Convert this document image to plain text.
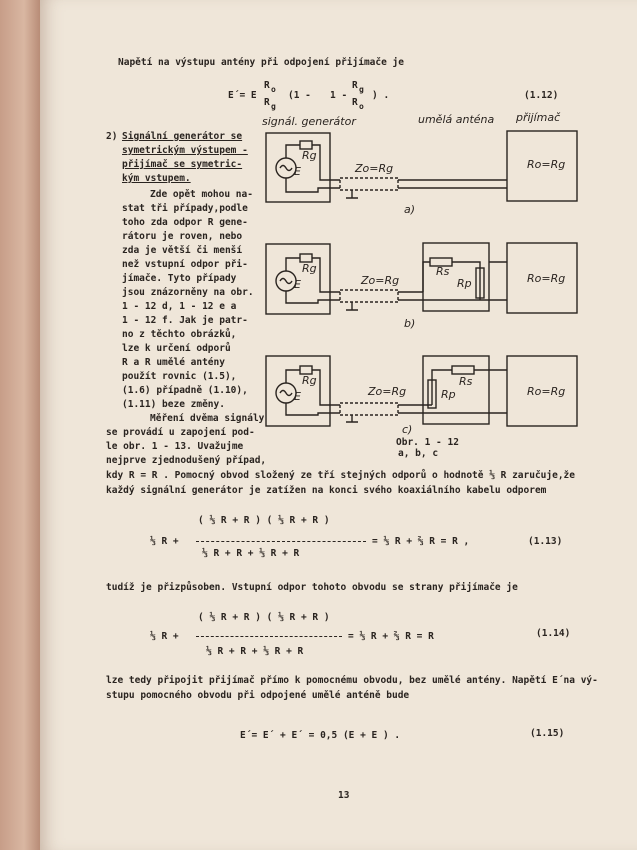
Napětí na výstupu antény při odpojení přijímače je
E´= E
R o
R g
(1 - 1 -
R g
R o
) .	(1.12)
2) Signální generátor se
symetrickým výstupem -
přijímač se symetric-
kým vstupem.
Zde opět mohou na-
stat tři případy,podle
toho zda odpor R gene-
rátoru je roven, nebo
zda je větší či menší
než vstupní odpor při-
jímače. Tyto případy
jsou znázorněny na obr.
1 - 12 d, 1 - 12 e a
1 - 12 f. Jak je patr-
no z těchto obrázků,
lze k určení odporů
R a R umělé antény
použít rovnic (1.5),
(1.6) případně (1.10),
(1.11) beze změny.
Měření dvěma signály
se provádí u zapojení pod-
le obr. 1 - 13. Uvažujme
signál. generátor	umělá anténa přijímač
E
Rg
Zo=Rg	Ro=Rg
a)
E
Rg
Zo=Rg
Rs
Rp	Ro=Rg
b)
E
Rg
Zo=Rg
Rs
Rp	Ro=Rg
c)
Obr. 1 - 12
a, b, c
nejprve zjednodušený případ,
kdy R = R . Pomocný obvod složený ze tří stejných odporů o hodnotě ⅓ R zaručuje,že
každý signální generátor je zatížen na konci svého koaxiálního kabelu odporem
⅓ R +
( ⅓ R + R ) ( ⅓ R + R )
⅓ R + R + ⅓ R + R
= ⅓ R + ⅔ R = R ,	(1.13)
tudíž je přizpůsoben. Vstupní odpor tohoto obvodu se strany přijímače je
⅓ R +
( ⅓ R + R ) ( ⅓ R + R )
⅓ R + R + ⅓ R + R
= ⅓ R + ⅔ R = R	(1.14)
lze tedy připojit přijímač přímo k pomocnému obvodu, bez umělé antény. Napětí E´na vý-
stupu pomocného obvodu při odpojené umělé anténě bude
E´= E´ + E´ = 0,5 (E + E ) .	(1.15)
13
